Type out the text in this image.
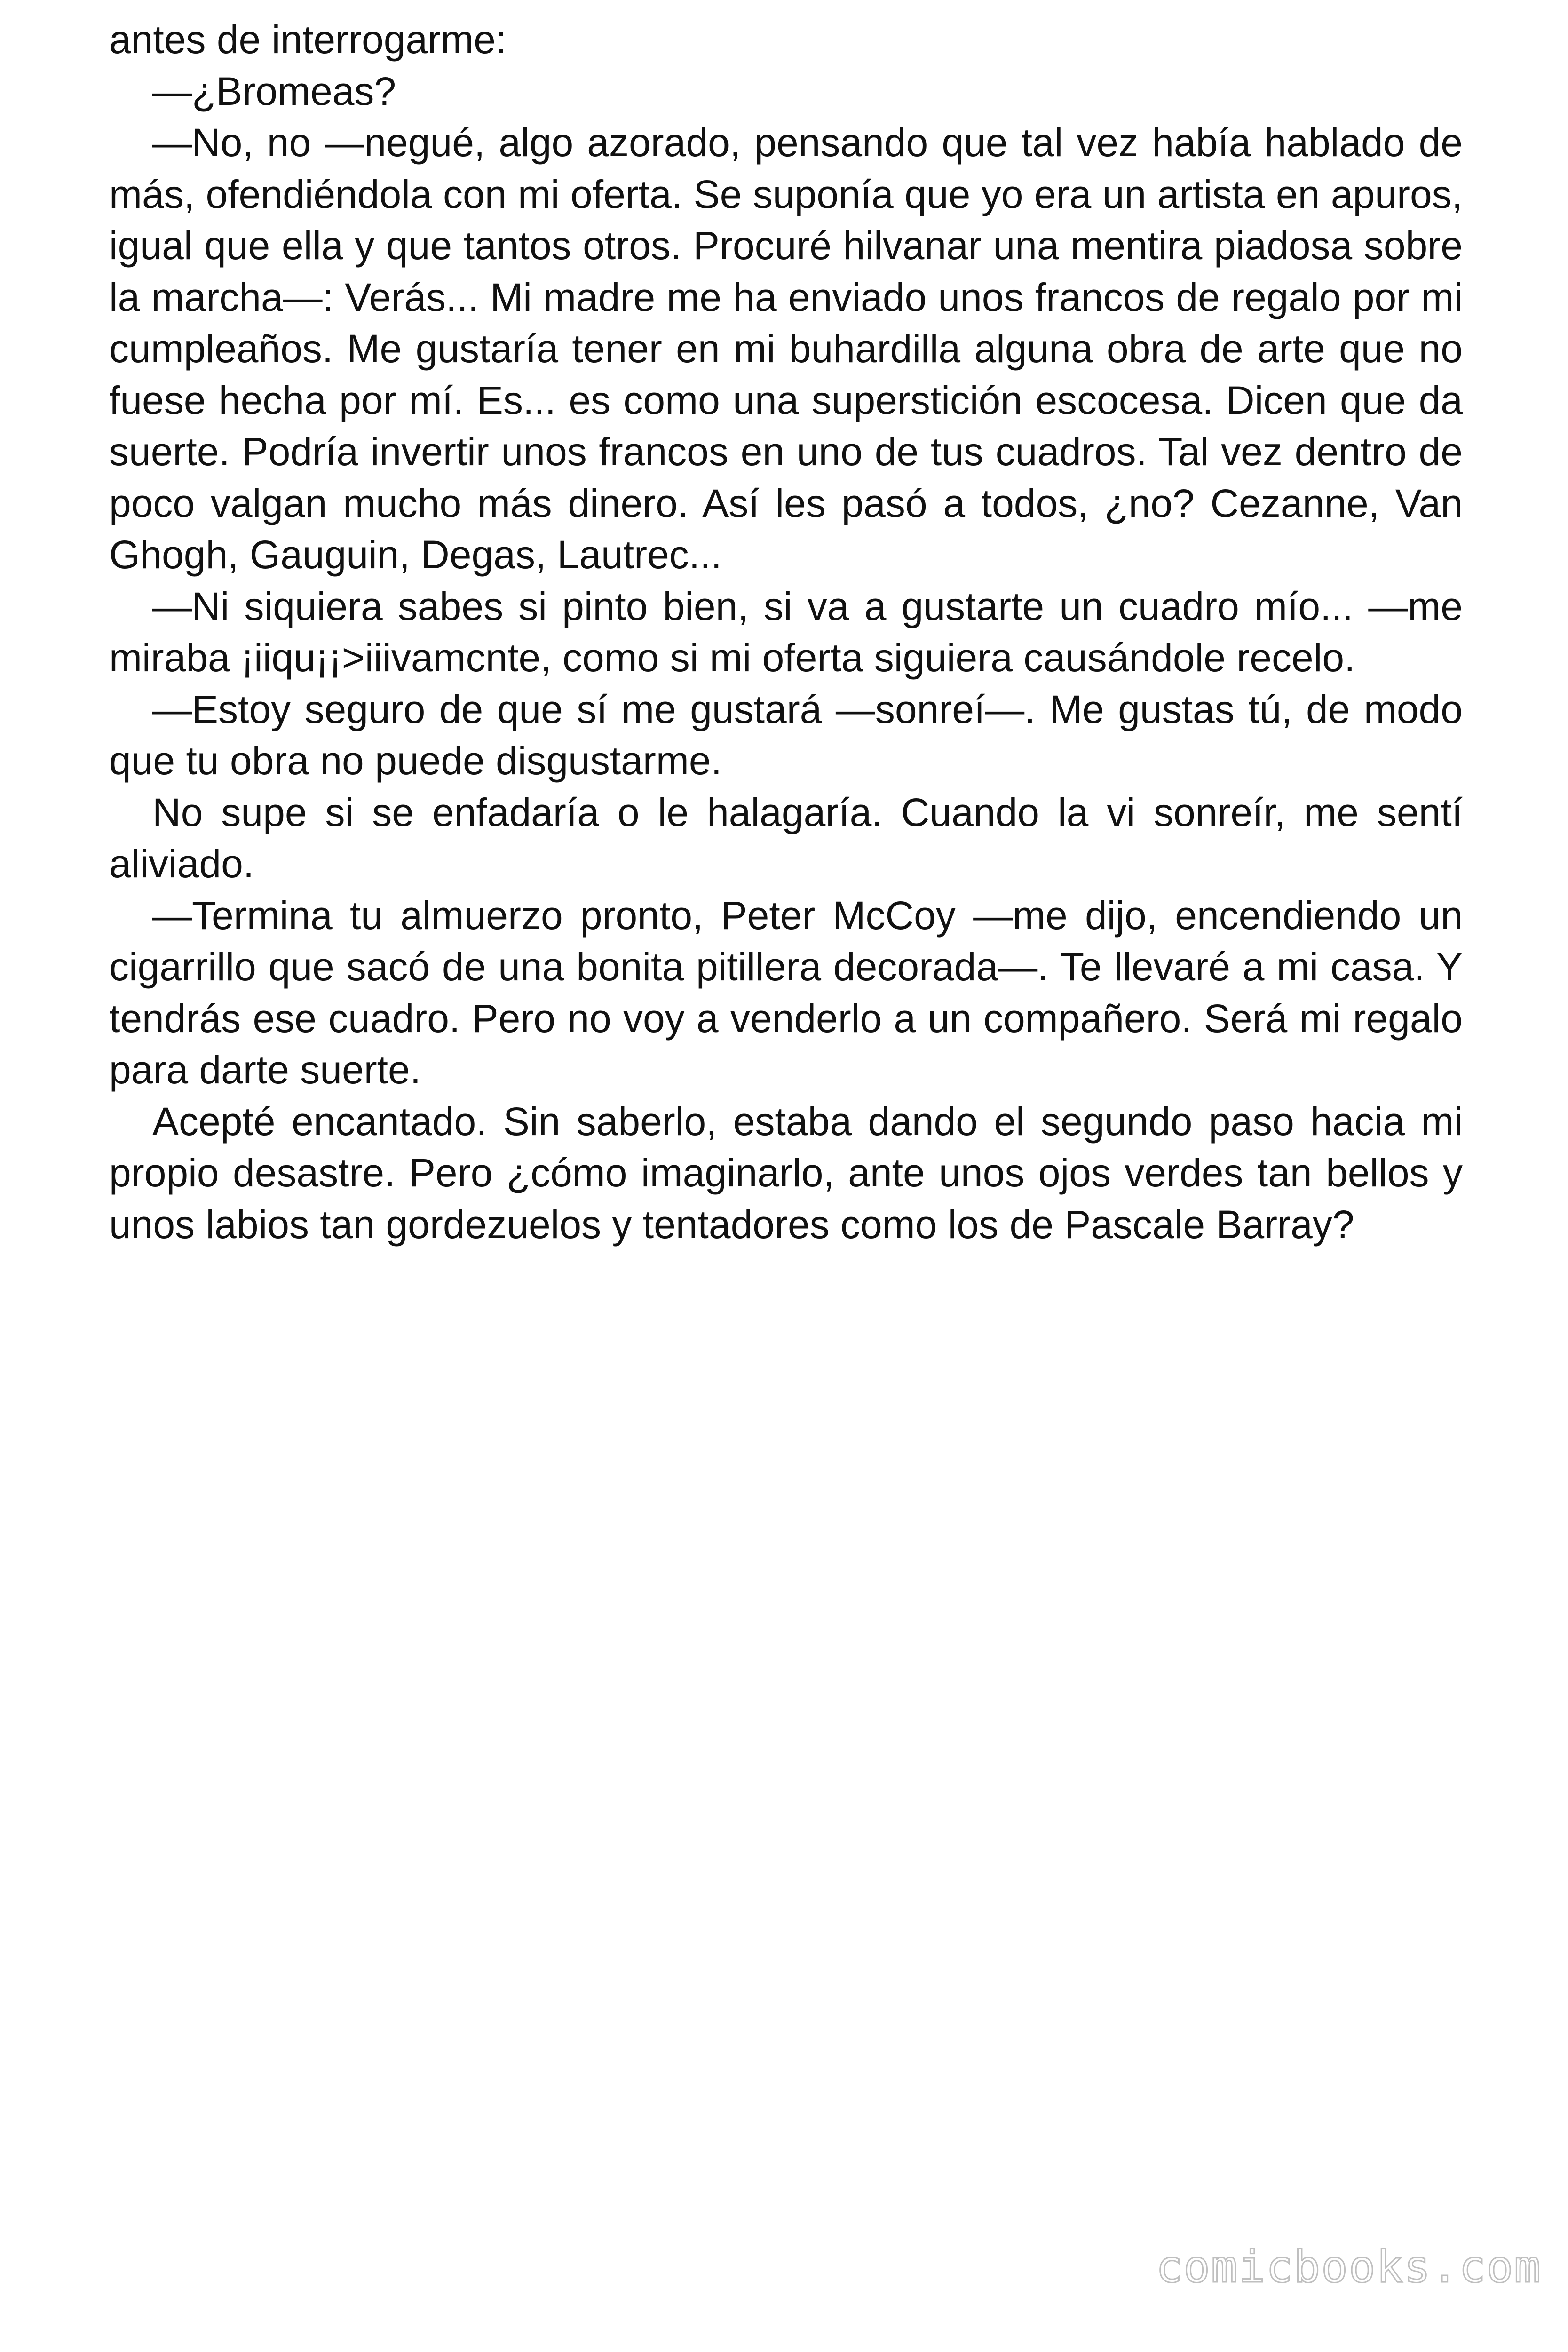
antes de interrogarme:

—¿Bromeas?

—No, no —negué, algo azorado, pensando que tal vez había hablado de más, ofendiéndola con mi oferta. Se suponía que yo era un artista en apuros, igual que ella y que tantos otros. Procuré hilvanar una mentira piadosa sobre la marcha—: Verás... Mi madre me ha enviado unos francos de regalo por mi cumpleaños. Me gustaría tener en mi buhardilla alguna obra de arte que no fuese hecha por mí. Es... es como una superstición escocesa. Dicen que da suerte. Podría invertir unos francos en uno de tus cuadros. Tal vez dentro de poco valgan mucho más dinero. Así les pasó a todos, ¿no? Cezanne, Van Ghogh, Gauguin, Degas, Lautrec...

—Ni siquiera sabes si pinto bien, si va a gustarte un cuadro mío... —me miraba ¡iiqu¡¡>iiivamcnte, como si mi oferta siguiera causándole recelo.

—Estoy seguro de que sí me gustará —sonreí—. Me gustas tú, de modo que tu obra no puede disgustarme.

No supe si se enfadaría o le halagaría. Cuando la vi sonreír, me sentí aliviado.

—Termina tu almuerzo pronto, Peter McCoy —me dijo, encendiendo un cigarrillo que sacó de una bonita pitillera decorada—. Te llevaré a mi casa. Y tendrás ese cuadro. Pero no voy a venderlo a un compañero. Será mi regalo para darte suerte.

Acepté encantado. Sin saberlo, estaba dando el segundo paso hacia mi propio desastre. Pero ¿cómo imaginarlo, ante unos ojos verdes tan bellos y unos labios tan gordezuelos y tentadores como los de Pascale Barray?

comicbooks.com
